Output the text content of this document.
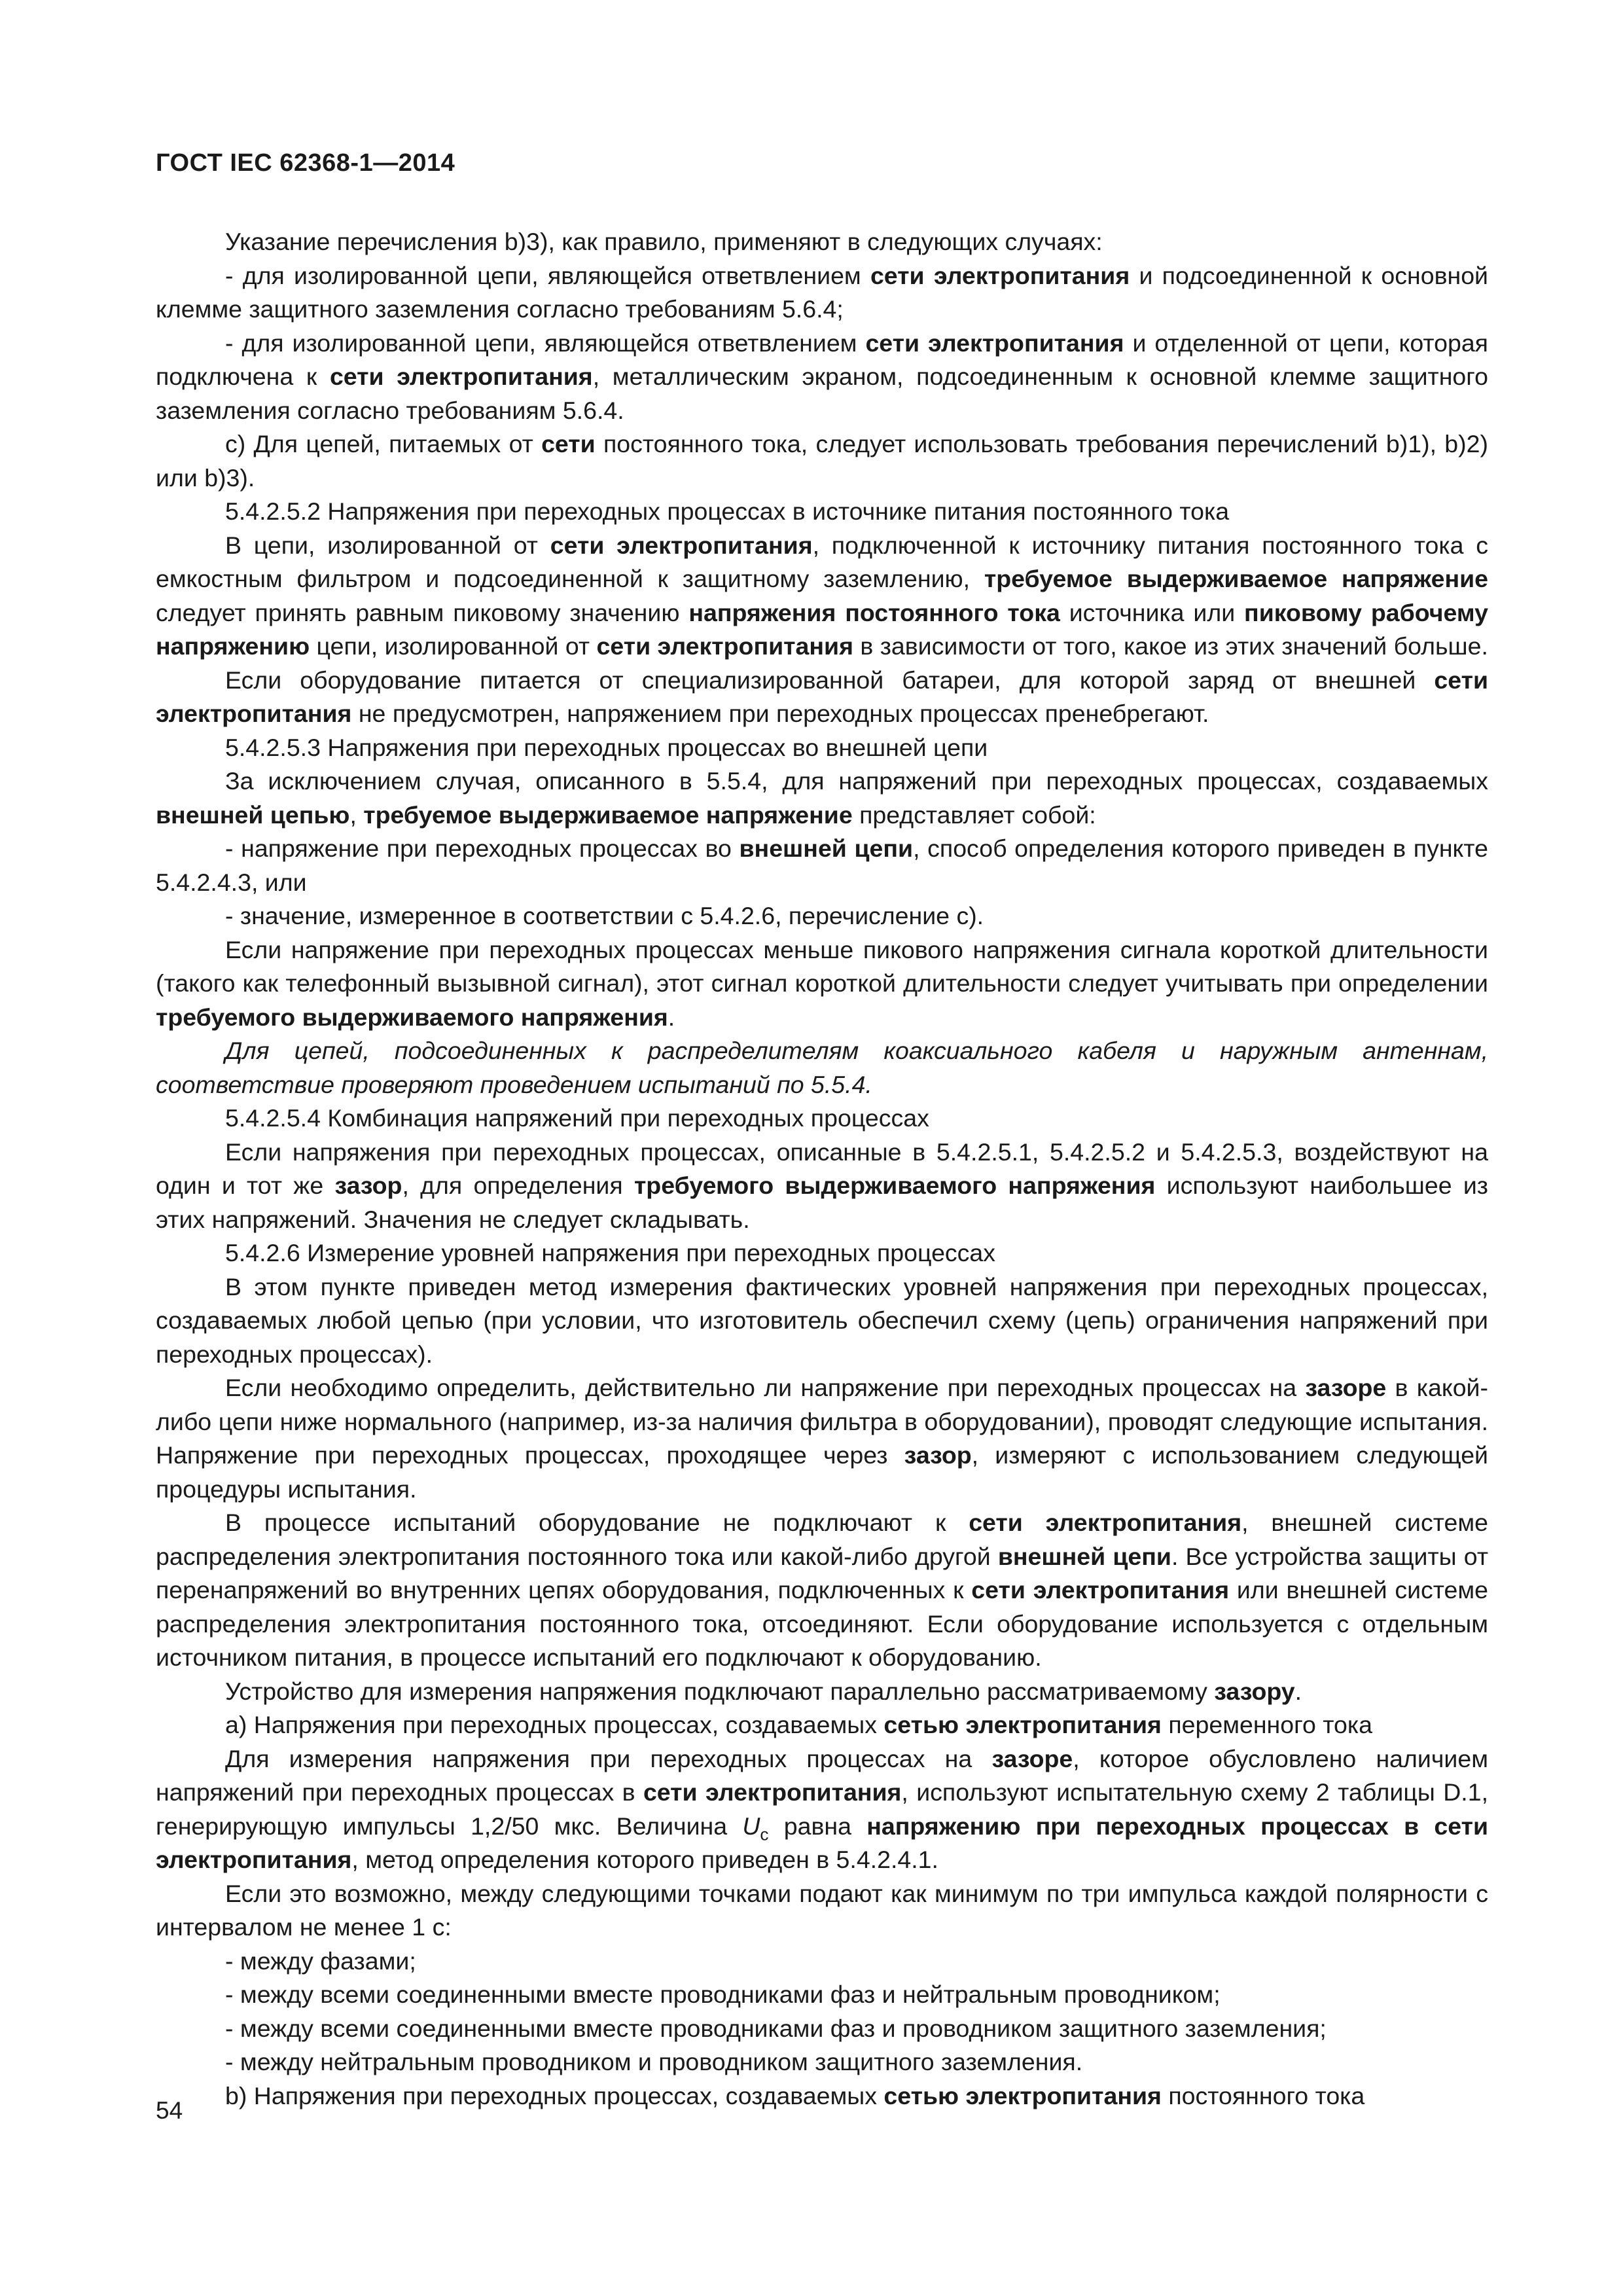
ГОСТ IEC 62368-1—2014

Указание перечисления b)3), как правило, применяют в следующих случаях:

- для изолированной цепи, являющейся ответвлением сети электропитания и подсоединенной к основной клемме защитного заземления согласно требованиям 5.6.4;

- для изолированной цепи, являющейся ответвлением сети электропитания и отделенной от цепи, которая подключена к сети электропитания, металлическим экраном, подсоединенным к основной клемме защитного заземления согласно требованиям 5.6.4.

с) Для цепей, питаемых от сети постоянного тока, следует использовать требования перечислений b)1), b)2) или b)3).

5.4.2.5.2 Напряжения при переходных процессах в источнике питания постоянного тока

В цепи, изолированной от сети электропитания, подключенной к источнику питания постоянного тока с емкостным фильтром и подсоединенной к защитному заземлению, требуемое выдерживаемое напряжение следует принять равным пиковому значению напряжения постоянного тока источника или пиковому рабочему напряжению цепи, изолированной от сети электропитания в зависимости от того, какое из этих значений больше.

Если оборудование питается от специализированной батареи, для которой заряд от внешней сети электропитания не предусмотрен, напряжением при переходных процессах пренебрегают.

5.4.2.5.3 Напряжения при переходных процессах во внешней цепи

За исключением случая, описанного в 5.5.4, для напряжений при переходных процессах, создаваемых внешней цепью, требуемое выдерживаемое напряжение представляет собой:

- напряжение при переходных процессах во внешней цепи, способ определения которого приведен в пункте 5.4.2.4.3, или

- значение, измеренное в соответствии с 5.4.2.6, перечисление с).

Если напряжение при переходных процессах меньше пикового напряжения сигнала короткой длительности (такого как телефонный вызывной сигнал), этот сигнал короткой длительности следует учитывать при определении требуемого выдерживаемого напряжения.

Для цепей, подсоединенных к распределителям коаксиального кабеля и наружным антеннам, соответствие проверяют проведением испытаний по 5.5.4.

5.4.2.5.4 Комбинация напряжений при переходных процессах

Если напряжения при переходных процессах, описанные в 5.4.2.5.1, 5.4.2.5.2 и 5.4.2.5.3, воздействуют на один и тот же зазор, для определения требуемого выдерживаемого напряжения используют наибольшее из этих напряжений. Значения не следует складывать.

5.4.2.6 Измерение уровней напряжения при переходных процессах

В этом пункте приведен метод измерения фактических уровней напряжения при переходных процессах, создаваемых любой цепью (при условии, что изготовитель обеспечил схему (цепь) ограничения напряжений при переходных процессах).

Если необходимо определить, действительно ли напряжение при переходных процессах на зазоре в какой-либо цепи ниже нормального (например, из-за наличия фильтра в оборудовании), проводят следующие испытания. Напряжение при переходных процессах, проходящее через зазор, измеряют с использованием следующей процедуры испытания.

В процессе испытаний оборудование не подключают к сети электропитания, внешней системе распределения электропитания постоянного тока или какой-либо другой внешней цепи. Все устройства защиты от перенапряжений во внутренних цепях оборудования, подключенных к сети электропитания или внешней системе распределения электропитания постоянного тока, отсоединяют. Если оборудование используется с отдельным источником питания, в процессе испытаний его подключают к оборудованию.

Устройство для измерения напряжения подключают параллельно рассматриваемому зазору.

а) Напряжения при переходных процессах, создаваемых сетью электропитания переменного тока

Для измерения напряжения при переходных процессах на зазоре, которое обусловлено наличием напряжений при переходных процессах в сети электропитания, используют испытательную схему 2 таблицы D.1, генерирующую импульсы 1,2/50 мкс. Величина $U_c$ равна напряжению при переходных процессах в сети электропитания, метод определения которого приведен в 5.4.2.4.1.

Если это возможно, между следующими точками подают как минимум по три импульса каждой полярности с интервалом не менее 1 с:

- между фазами;

- между всеми соединенными вместе проводниками фаз и нейтральным проводником;

- между всеми соединенными вместе проводниками фаз и проводником защитного заземления;

- между нейтральным проводником и проводником защитного заземления.

b) Напряжения при переходных процессах, создаваемых сетью электропитания постоянного тока

54
